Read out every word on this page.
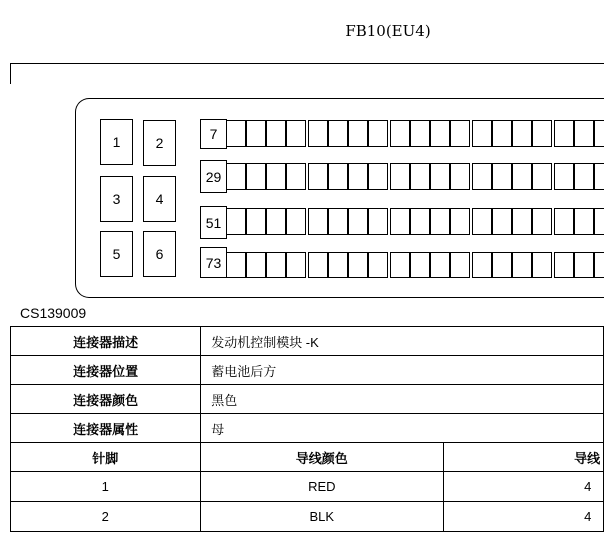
FB10(EU4)
1	2
3	4
5	6
7
29
51
73
CS139009
连接器描述	发动机控制模块 -K
连接器位置	蓄电池后方
连接器颜色	黑色
连接器属性	母
针脚	导线颜色	导线
1	RED	4
2	BLK	4
